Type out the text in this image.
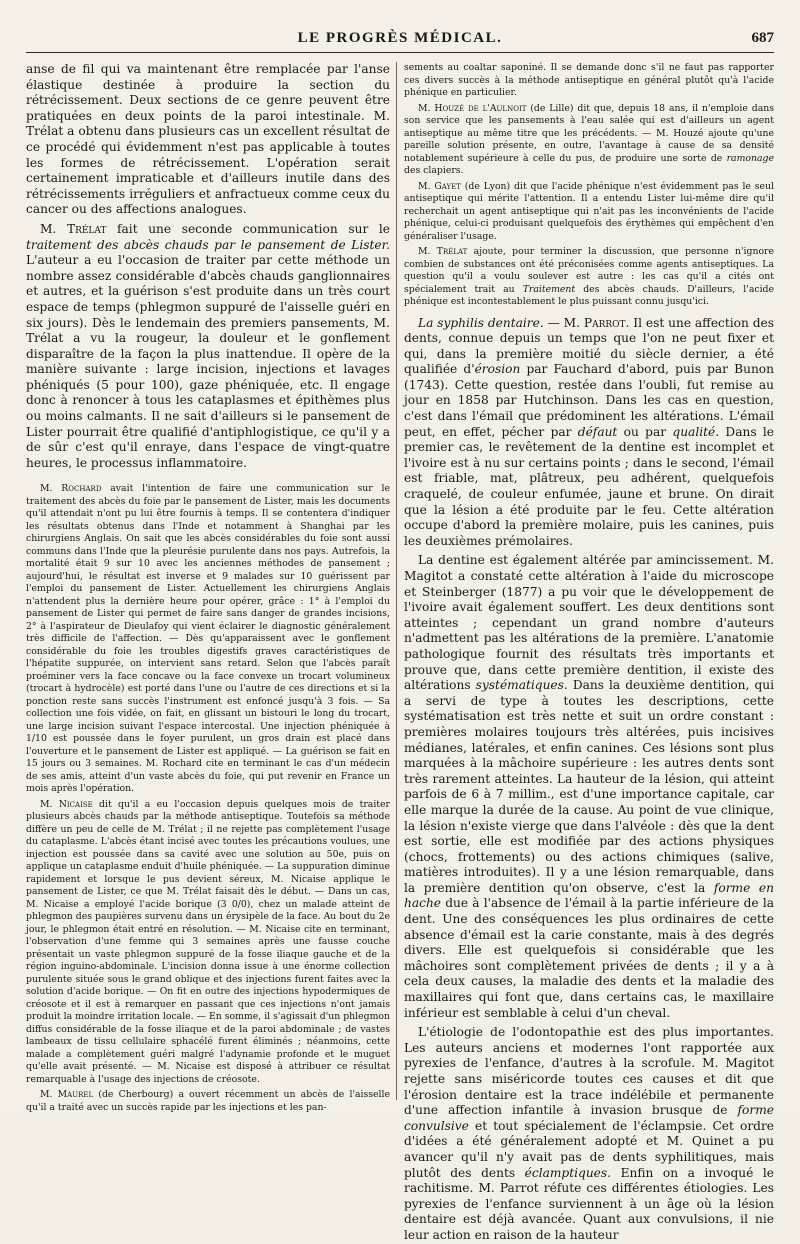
LE PROGRÈS MÉDICAL.	687

anse de fil qui va maintenant être remplacée par l'anse élastique destinée à produire la section du rétrécissement. Deux sections de ce genre peuvent être pratiquées en deux points de la paroi intestinale. M. Trélat a obtenu dans plusieurs cas un excellent résultat de ce procédé qui évidemment n'est pas applicable à toutes les formes de rétrécissement. L'opération serait certainement impraticable et d'ailleurs inutile dans des rétrécissements irréguliers et anfractueux comme ceux du cancer ou des affections analogues.

M. Trélat fait une seconde communication sur le traitement des abcès chauds par le pansement de Lister. L'auteur a eu l'occasion de traiter par cette méthode un nombre assez considérable d'abcès chauds ganglionnaires et autres, et la guérison s'est produite dans un très court espace de temps (phlegmon suppuré de l'aisselle guéri en six jours). Dès le lendemain des premiers pansements, M. Trélat a vu la rougeur, la douleur et le gonflement disparaître de la façon la plus inattendue. Il opère de la manière suivante : large incision, injections et lavages phéniqués (5 pour 100), gaze phéniquée, etc. Il engage donc à renoncer à tous les cataplasmes et épithèmes plus ou moins calmants. Il ne sait d'ailleurs si le pansement de Lister pourrait être qualifié d'antiphlogistique, ce qu'il y a de sûr c'est qu'il enraye, dans l'espace de vingt-quatre heures, le processus inflammatoire.

M. Rochard avait l'intention de faire une communication sur le traitement des abcès du foie par le pansement de Lister, mais les documents qu'il attendait n'ont pu lui être fournis à temps. Il se contentera d'indiquer les résultats obtenus dans l'Inde et notamment à Shanghai par les chirurgiens Anglais. On sait que les abcès considérables du foie sont aussi communs dans l'Inde que la pleurésie purulente dans nos pays. Autrefois, la mortalité était 9 sur 10 avec les anciennes méthodes de pansement ; aujourd'hui, le résultat est inverse et 9 malades sur 10 guérissent par l'emploi du pansement de Lister. Actuellement les chirurgiens Anglais n'attendent plus la dernière heure pour opérer, grâce : 1° à l'emploi du pansement de Lister qui permet de faire sans danger de grandes incisions, 2° à l'aspirateur de Dieulafoy qui vient éclairer le diagnostic généralement très difficile de l'affection. — Dès qu'apparaissent avec le gonflement considérable du foie les troubles digestifs graves caractéristiques de l'hépatite suppurée, on intervient sans retard. Selon que l'abcès paraît proéminer vers la face concave ou la face convexe un trocart volumineux (trocart à hydrocèle) est porté dans l'une ou l'autre de ces directions et si la ponction reste sans succès l'instrument est enfoncé jusqu'à 3 fois. — Sa collection une fois vidée, on fait, en glissant un bistouri le long du trocart, une large incision suivant l'espace intercostal. Une injection phéniquée à 1/10 est poussée dans le foyer purulent, un gros drain est placé dans l'ouverture et le pansement de Lister est appliqué. — La guérison se fait en 15 jours ou 3 semaines. M. Rochard cite en terminant le cas d'un médecin de ses amis, atteint d'un vaste abcès du foie, qui put revenir en France un mois après l'opération.

M. Nicaise dit qu'il a eu l'occasion depuis quelques mois de traiter plusieurs abcès chauds par la méthode antiseptique. Toutefois sa méthode diffère un peu de celle de M. Trélat ; il ne rejette pas complètement l'usage du cataplasme. L'abcès étant incisé avec toutes les précautions voulues, une injection est poussée dans sa cavité avec une solution au 50e, puis on applique un cataplasme enduit d'huile phéniquée. — La suppuration diminue rapidement et lorsque le pus devient séreux, M. Nicaise applique le pansement de Lister, ce que M. Trélat faisait dès le début. — Dans un cas, M. Nicaise a employé l'acide borique (3 0/0), chez un malade atteint de phlegmon des paupières survenu dans un érysipèle de la face. Au bout du 2e jour, le phlegmon était entré en résolution. — M. Nicaise cite en terminant, l'observation d'une femme qui 3 semaines après une fausse couche présentait un vaste phlegmon suppuré de la fosse iliaque gauche et de la région inguino-abdominale. L'incision donna issue à une énorme collection purulente située sous le grand oblique et des injections furent faites avec la solution d'acide borique. — On fit en outre des injections hypodermiques de créosote et il est à remarquer en passant que ces injections n'ont jamais produit la moindre irritation locale. — En somme, il s'agissait d'un phlegmon diffus considérable de la fosse iliaque et de la paroi abdominale ; de vastes lambeaux de tissu cellulaire sphacélé furent éliminés ; néanmoins, cette malade a complètement guéri malgré l'adynamie profonde et le muguet qu'elle avait présenté. — M. Nicaise est disposé à attribuer ce résultat remarquable à l'usage des injections de créosote.

M. Maurel (de Cherbourg) a ouvert récemment un abcès de l'aisselle qu'il a traité avec un succès rapide par les injections et les pan-

sements au coaltar saponiné. Il se demande donc s'il ne faut pas rapporter ces divers succès à la méthode antiseptique en général plutôt qu'à l'acide phénique en particulier.

M. Houzé de l'Aulnoit (de Lille) dit que, depuis 18 ans, il n'emploie dans son service que les pansements à l'eau salée qui est d'ailleurs un agent antiseptique au même titre que les précédents. — M. Houzé ajoute qu'une pareille solution présente, en outre, l'avantage à cause de sa densité notablement supérieure à celle du pus, de produire une sorte de ramonage des clapiers.

M. Gayet (de Lyon) dit que l'acide phénique n'est évidemment pas le seul antiseptique qui mérite l'attention. Il a entendu Lister lui-même dire qu'il recherchait un agent antiseptique qui n'ait pas les inconvénients de l'acide phénique, celui-ci produisant quelquefois des érythèmes qui empêchent d'en généraliser l'usage.

M. Trélat ajoute, pour terminer la discussion, que personne n'ignore combien de substances ont été préconisées comme agents antiseptiques. La question qu'il a voulu soulever est autre : les cas qu'il a cités ont spécialement trait au Traitement des abcès chauds. D'ailleurs, l'acide phénique est incontestablement le plus puissant connu jusqu'ici.

La syphilis dentaire. — M. Parrot. Il est une affection des dents, connue depuis un temps que l'on ne peut fixer et qui, dans la première moitié du siècle dernier, a été qualifiée d'érosion par Fauchard d'abord, puis par Bunon (1743). Cette question, restée dans l'oubli, fut remise au jour en 1858 par Hutchinson. Dans les cas en question, c'est dans l'émail que prédominent les altérations. L'émail peut, en effet, pécher par défaut ou par qualité. Dans le premier cas, le revêtement de la dentine est incomplet et l'ivoire est à nu sur certains points ; dans le second, l'émail est friable, mat, plâtreux, peu adhérent, quelquefois craquelé, de couleur enfumée, jaune et brune. On dirait que la lésion a été produite par le feu. Cette altération occupe d'abord la première molaire, puis les canines, puis les deuxièmes prémolaires.

La dentine est également altérée par amincissement. M. Magitot a constaté cette altération à l'aide du microscope et Steinberger (1877) a pu voir que le développement de l'ivoire avait également souffert. Les deux dentitions sont atteintes ; cependant un grand nombre d'auteurs n'admettent pas les altérations de la première. L'anatomie pathologique fournit des résultats très importants et prouve que, dans cette première dentition, il existe des altérations systématiques. Dans la deuxième dentition, qui a servi de type à toutes les descriptions, cette systématisation est très nette et suit un ordre constant : premières molaires toujours très altérées, puis incisives médianes, latérales, et enfin canines. Ces lésions sont plus marquées à la mâchoire supérieure : les autres dents sont très rarement atteintes. La hauteur de la lésion, qui atteint parfois de 6 à 7 millim., est d'une importance capitale, car elle marque la durée de la cause. Au point de vue clinique, la lésion n'existe vierge que dans l'alvéole : dès que la dent est sortie, elle est modifiée par des actions physiques (chocs, frottements) ou des actions chimiques (salive, matières introduites). Il y a une lésion remarquable, dans la première dentition qu'on observe, c'est la forme en hache due à l'absence de l'émail à la partie inférieure de la dent. Une des conséquences les plus ordinaires de cette absence d'émail est la carie constante, mais à des degrés divers. Elle est quelquefois si considérable que les mâchoires sont complètement privées de dents ; il y a à cela deux causes, la maladie des dents et la maladie des maxillaires qui font que, dans certains cas, le maxillaire inférieur est semblable à celui d'un cheval.

L'étiologie de l'odontopathie est des plus importantes. Les auteurs anciens et modernes l'ont rapportée aux pyrexies de l'enfance, d'autres à la scrofule. M. Magitot rejette sans miséricorde toutes ces causes et dit que l'érosion dentaire est la trace indélébile et permanente d'une affection infantile à invasion brusque de forme convulsive et tout spécialement de l'éclampsie. Cet ordre d'idées a été généralement adopté et M. Quinet a pu avancer qu'il n'y avait pas de dents syphilitiques, mais plutôt des dents éclamptiques. Enfin on a invoqué le rachitisme. M. Parrot réfute ces différentes étiologies. Les pyrexies de l'enfance surviennent à un âge où la lésion dentaire est déjà avancée. Quant aux convulsions, il nie leur action en raison de la hauteur
